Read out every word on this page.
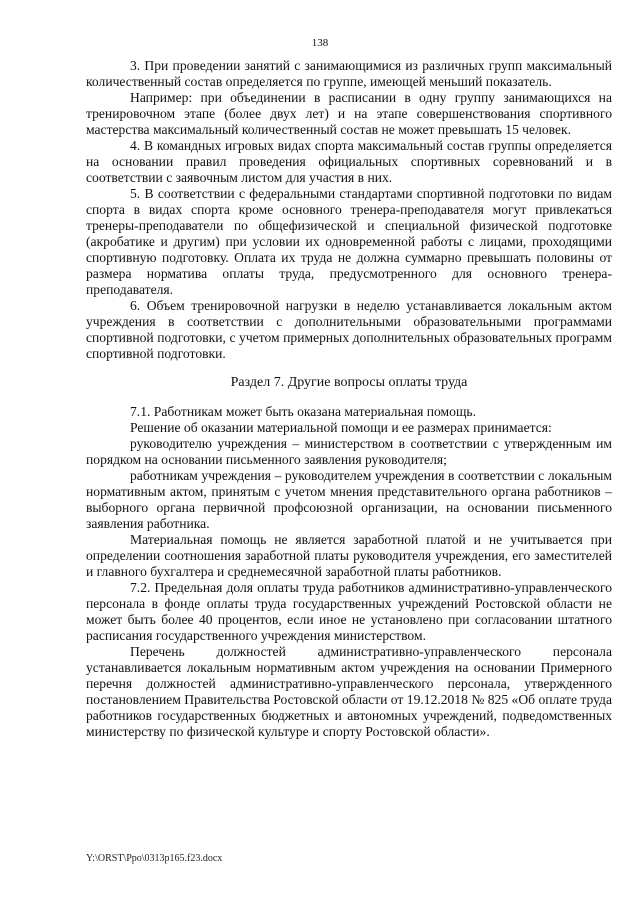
138

3. При проведении занятий с занимающимися из различных групп максимальный количественный состав определяется по группе, имеющей меньший показатель.

Например: при объединении в расписании в одну группу занимающихся на тренировочном этапе (более двух лет) и на этапе совершенствования спортивного мастерства максимальный количественный состав не может превышать 15 человек.

4. В командных игровых видах спорта максимальный состав группы определяется на основании правил проведения официальных спортивных соревнований и в соответствии с заявочным листом для участия в них.

5. В соответствии с федеральными стандартами спортивной подготовки по видам спорта в видах спорта кроме основного тренера-преподавателя могут привлекаться тренеры-преподаватели по общефизической и специальной физической подготовке (акробатике и другим) при условии их одновременной работы с лицами, проходящими спортивную подготовку. Оплата их труда не должна суммарно превышать половины от размера норматива оплаты труда, предусмотренного для основного тренера-преподавателя.

6. Объем тренировочной нагрузки в неделю устанавливается локальным актом учреждения в соответствии с дополнительными образовательными программами спортивной подготовки, с учетом примерных дополнительных образовательных программ спортивной подготовки.

Раздел 7. Другие вопросы оплаты труда

7.1. Работникам может быть оказана материальная помощь.

Решение об оказании материальной помощи и ее размерах принимается:

руководителю учреждения – министерством в соответствии с утвержденным им порядком на основании письменного заявления руководителя;

работникам учреждения – руководителем учреждения в соответствии с локальным нормативным актом, принятым с учетом мнения представительного органа работников – выборного органа первичной профсоюзной организации, на основании письменного заявления работника.

Материальная помощь не является заработной платой и не учитывается при определении соотношения заработной платы руководителя учреждения, его заместителей и главного бухгалтера и среднемесячной заработной платы работников.

7.2. Предельная доля оплаты труда работников административно-управленческого персонала в фонде оплаты труда государственных учреждений Ростовской области не может быть более 40 процентов, если иное не установлено при согласовании штатного расписания государственного учреждения министерством.

Перечень должностей административно-управленческого персонала устанавливается локальным нормативным актом учреждения на основании Примерного перечня должностей административно-управленческого персонала, утвержденного постановлением Правительства Ростовской области от 19.12.2018 № 825 «Об оплате труда работников государственных бюджетных и автономных учреждений, подведомственных министерству по физической культуре и спорту Ростовской области».

Y:\ORST\Ppo\0313p165.f23.docx
